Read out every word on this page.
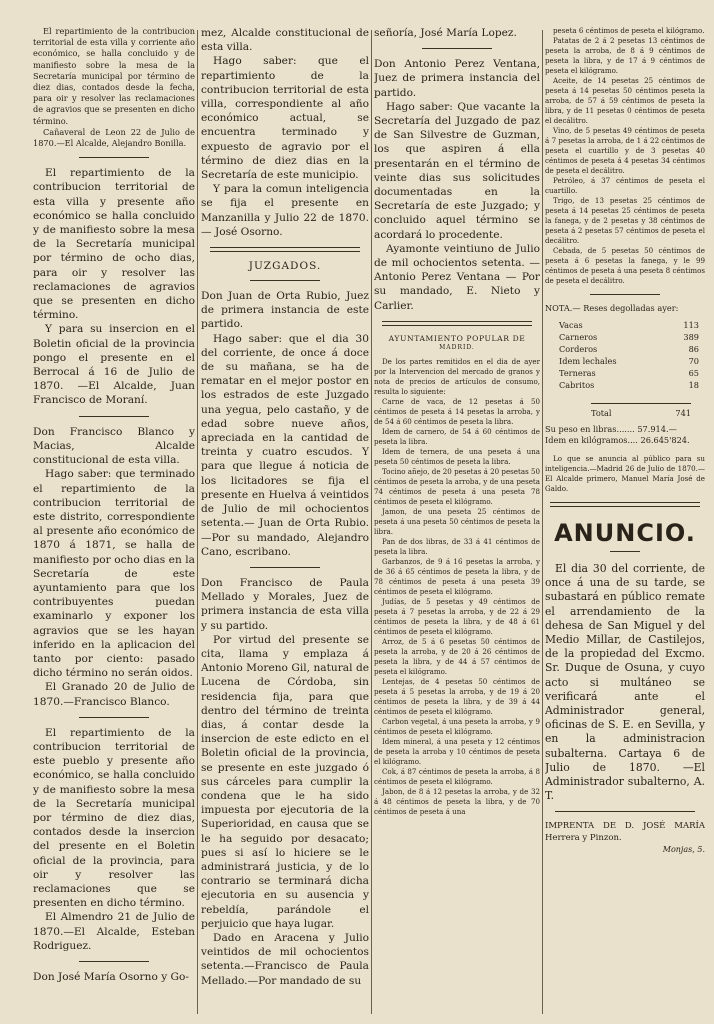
El repartimiento de la contribucion territorial de esta villa y corriente año económico, se halla concluido y de manifiesto sobre la mesa de la Secretaría municipal por término de diez dias, contados desde la fecha, para oir y resolver las reclamaciones de agravios que se presenten en dicho término.

Cañaveral de Leon 22 de Julio de 1870.—El Alcalde, Alejandro Bonilla.

El repartimiento de la contribucion territorial de esta villa y presente año económico se halla concluido y de manifiesto sobre la mesa de la Secretaría municipal por término de ocho dias, para oir y resolver las reclamaciones de agravios que se presenten en dicho término.

Y para su insercion en el Boletin oficial de la provincia pongo el presente en el Berrocal á 16 de Julio de 1870. —El Alcalde, Juan Francisco de Moraní.

Don Francisco Blanco y Macias, Alcalde constitucional de esta villa.

Hago saber: que terminado el repartimiento de la contribucion territorial de este distrito, correspondiente al presente año económico de 1870 á 1871, se halla de manifiesto por ocho dias en la Secretaría de este ayuntamiento para que los contribuyentes puedan examinarlo y exponer los agravios que se les hayan inferido en la aplicacion del tanto por ciento: pasado dicho término no serán oidos.

El Granado 20 de Julio de 1870.—Francisco Blanco.

El repartimiento de la contribucion territorial de este pueblo y presente año económico, se halla concluido y de manifiesto sobre la mesa de la Secretaría municipal por término de diez dias, contados desde la insercion del presente en el Boletin oficial de la provincia, para oir y resolver las reclamaciones que se presenten en dicho término.

El Almendro 21 de Julio de 1870.—El Alcalde, Esteban Rodriguez.

Don José María Osorno y Go-

mez, Alcalde constitucional de esta villa.

Hago saber: que el repartimiento de la contribucion territorial de esta villa, correspondiente al año económico actual, se encuentra terminado y expuesto de agravio por el término de diez dias en la Secretaría de este municipio.

Y para la comun inteligencia se fija el presente en Manzanilla y Julio 22 de 1870.— José Osorno.

JUZGADOS.

Don Juan de Orta Rubio, Juez de primera instancia de este partido.

Hago saber: que el dia 30 del corriente, de once á doce de su mañana, se ha de rematar en el mejor postor en los estrados de este Juzgado una yegua, pelo castaño, y de edad sobre nueve años, apreciada en la cantidad de treinta y cuatro escudos. Y para que llegue á noticia de los licitadores se fija el presente en Huelva á veintidos de Julio de mil ochocientos setenta.— Juan de Orta Rubio.—Por su mandado, Alejandro Cano, escribano.

Don Francisco de Paula Mellado y Morales, Juez de primera instancia de esta villa y su partido.

Por virtud del presente se cita, llama y emplaza á Antonio Moreno Gil, natural de Lucena de Córdoba, sin residencia fija, para que dentro del término de treinta dias, á contar desde la insercion de este edicto en el Boletin oficial de la provincia, se presente en este juzgado ó sus cárceles para cumplir la condena que le ha sido impuesta por ejecutoria de la Superioridad, en causa que se le ha seguido por desacato; pues si así lo hiciere se le administrará justicia, y de lo contrario se terminará dicha ejecutoria en su ausencia y rebeldía, parándole el perjuicio que haya lugar.

Dado en Aracena y Julio veintidos de mil ochocientos setenta.—Francisco de Paula Mellado.—Por mandado de su

señoría, José María Lopez.

Don Antonio Perez Ventana, Juez de primera instancia del partido.

Hago saber: Que vacante la Secretaría del Juzgado de paz de San Silvestre de Guzman, los que aspiren á ella presentarán en el término de veinte dias sus solicitudes documentadas en la Secretaría de este Juzgado; y concluido aquel término se acordará lo procedente.

Ayamonte veintiuno de Julio de mil ochocientos setenta. —Antonio Perez Ventana — Por su mandado, E. Nieto y Carlier.

AYUNTAMIENTO POPULAR DE
MADRID.

De los partes remitidos en el dia de ayer por la Intervencion del mercado de granos y nota de precios de artículos de consumo, resulta lo siguiente:

Carne de vaca, de 12 pesetas á 50 céntimos de peseta á 14 pesetas la arroba, y de 54 á 60 céntimos de peseta la libra.

Idem de carnero, de 54 á 60 céntimos de peseta la libra.

Idem de ternera, de una peseta á una peseta 50 céntimos de peseta la libra.

Tocino añejo, de 20 pesetas á 20 pesetas 50 céntimos de peseta la arroba, y de una peseta 74 céntimos de peseta á una peseta 78 céntimos de peseta el kilógramo.

Jamon, de una peseta 25 céntimos de peseta á una peseta 50 céntimos de peseta la libra.

Pan de dos libras, de 33 á 41 céntimos de peseta la libra.

Garbanzos, de 9 á 16 pesetas la arroba, y de 36 á 65 céntimos de peseta la libra, y de 78 céntimos de peseta á una peseta 39 céntimos de peseta el kilógramo.

Judías, de 5 pesetas y 49 céntimos de peseta á 7 pesetas la arroba, y de 22 á 29 céntimos de peseta la libra, y de 48 á 61 céntimos de peseta el kilógramo.

Arroz, de 5 á 6 pesetas 50 céntimos de peseta la arroba, y de 20 á 26 céntimos de peseta la libra, y de 44 á 57 céntimos de peseta el kilógramo.

Lentejas, de 4 pesetas 50 céntimos de peseta á 5 pesetas la arroba, y de 19 á 20 céntimos de peseta la libra, y de 39 á 44 céntimos de peseta el kilógramo.

Carbon vegetal, á una peseta la arroba, y 9 céntimos de peseta el kilógramo.

Idem mineral, á una peseta y 12 céntimos de peseta la arroba y 10 céntimos de peseta el kilógramo.

Cok, á 87 céntimos de peseta la arroba, á 8 céntimos de peseta el kilógramo.

Jabon, de 8 á 12 pesetas la arroba, y de 32 á 48 céntimos de peseta la libra, y de 70 céntimos de peseta á una

peseta 6 céntimos de peseta el kilógramo.

Patatas de 2 á 2 pesetas 13 céntimos de peseta la arroba, de 8 á 9 céntimos de peseta la libra, y de 17 á 9 céntimos de peseta el kilógramo.

Aceite, de 14 pesetas 25 céntimos de peseta á 14 pesetas 50 céntimos peseta la arroba, de 57 á 59 céntimos de peseta la libra, y de 11 pesetas 0 céntimos de peseta el decálitro.

Vino, de 5 pesetas 49 céntimos de peseta á 7 pesetas la arroba, de 1 á 22 céntimos de peseta el cuartillo y de 3 pesetas 40 céntimos de peseta á 4 pesetas 34 céntimos de peseta el decálitro.

Petróleo, á 37 céntimos de peseta el cuartillo.

Trigo, de 13 pesetas 25 céntimos de peseta á 14 pesetas 25 céntimos de peseta la fanega, y de 2 pesetas y 38 céntimos de peseta á 2 pesetas 57 céntimos de peseta el decálitro.

Cebada, de 5 pesetas 50 céntimos de peseta á 6 pesetas la fanega, y le 99 céntimos de peseta á una peseta 8 céntimos de peseta el decálitro.

NOTA.— Reses degolladas ayer:
Vacas	113
Carneros	389
Corderos	86
Idem lechales	70
Terneras	65
Cabritos	18
Total	741
Su peso en libras....... 57.914.—
Idem en kilógramos.... 26.645'824.

Lo que se anuncia al público para su inteligencia.—Madrid 26 de Julio de 1870.—El Alcalde primero, Manuel María José de Galdo.

ANUNCIO.

El dia 30 del corriente, de once á una de su tarde, se subastará en público remate el arrendamiento de la dehesa de San Miguel y del Medio Millar, de Castilejos, de la propiedad del Excmo. Sr. Duque de Osuna, y cuyo acto si multáneo se verificará ante el Administrador general, oficinas de S. E. en Sevilla, y en la administracion subalterna. Cartaya 6 de Julio de 1870. —El Administrador subalterno, A. T.

IMPRENTA DE D. JOSÉ MARÍA Herrera y Pinzon.
Monjas, 5.
